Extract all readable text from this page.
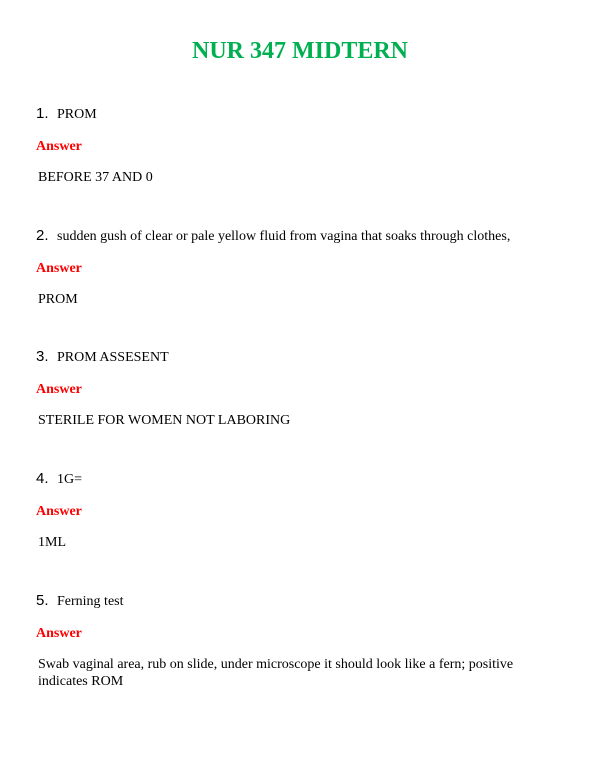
NUR 347 MIDTERN
1. PROM
Answer
BEFORE 37 AND 0
2. sudden gush of clear or pale yellow fluid from vagina that soaks through clothes,
Answer
PROM
3. PROM ASSESENT
Answer
STERILE FOR WOMEN NOT LABORING
4. 1G=
Answer
1ML
5. Ferning test
Answer
Swab vaginal area, rub on slide, under microscope it should look like a fern; positive indicates ROM
